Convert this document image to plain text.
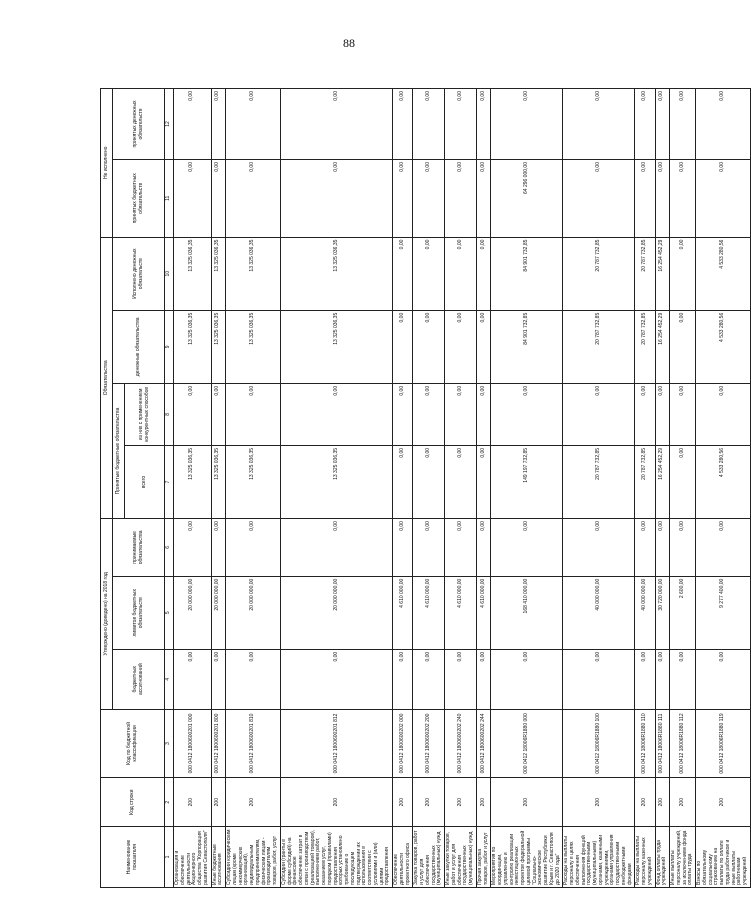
88
Наименование показателя	Код строки	Код по бюджетной классификации	Утверждено (доведено) на 2018 год			Обязательства				Не исполнено	
			бюджетных ассигнований	лимитов бюджетных обязательств	принимаемые обязательства	Принятые бюджетные обязательства		денежные обязательства	Исполнено денежных обязательств	принятых бюджетных обязательств	принятых денежных обязательств
						всего	из них с применением конкурентных способов				
1	2	3	4	5	6	7	8	9	10	11	12
Организация и обеспечение деятельности Акционерного общества "Корпорация развития Севастополя"	200	000 0412 1800600201 000	0,00	20 000 000,00	0,00	13 325 036,35	0,00	13 325 036,35	13 325 036,35	0,00	0,00
Иные бюджетные ассигнования	200	000 0412 1800600201 800	0,00	20 000 000,00	0,00	13 325 036,35	0,00	13 325 036,35	13 325 036,35	0,00	0,00
Субсидии юридическим лицам (кроме некоммерческих организаций), индивидуальным предпринимателям, физическим лицам - производителям товаров, работ, услуг	200	000 0412 1800600201 810	0,00	20 000 000,00	0,00	13 325 036,35	0,00	13 325 036,35	13 325 036,35	0,00	0,00
Субсидии (гранты в форме субсидий) на финансовое обеспечение затрат в связи с производством (реализацией товаров), выполнением работ, оказанием услуг, порядком (правилами) предоставления которых установлено требование о последующем подтверждении их использования в соответствии с условиями и (или) целями предоставления	200	000 0412 1800600201 812	0,00	20 000 000,00	0,00	13 325 036,35	0,00	13 325 036,35	13 325 036,35	0,00	0,00
Обеспечение деятельности проектного офиса	200	000 0412 1800600202 000	0,00	4 610 000,00	0,00	0,00	0,00	0,00	0,00	0,00	0,00
Закупка товаров, работ и услуг для обеспечения государственных (муниципальных) нужд	200	000 0412 1800600202 200	0,00	4 610 000,00	0,00	0,00	0,00	0,00	0,00	0,00	0,00
Иные закупки товаров, работ и услуг для обеспечения государственных (муниципальных) нужд	200	000 0412 1800600202 240	0,00	4 610 000,00	0,00	0,00	0,00	0,00	0,00	0,00	0,00
Прочая закупка товаров, работ и услуг	200	000 0412 1800600202 244	0,00	4 610 000,00	0,00	0,00	0,00	0,00	0,00	0,00	0,00
Мероприятия по координации, управлению и контролю реализации инвестиционных проектов федеральной целевой программы "Социально-экономическое развитие Республики Крым и г. Севастополя до 2020 года"	200	000 0412 18006R1880 000	0,00	168 410 000,00	0,00	149 197 732,85	0,00	84 901 732,85	84 901 732,85	64 296 000,00	0,00
Расходы на выплаты персоналу в целях обеспечения выполнения функций государственными (муниципальными) органами, казенными учреждениями, органами управления государственными внебюджетными фондами	200	000 0412 18006R1880 100	0,00	40 000 000,00	0,00	20 787 732,85	0,00	20 787 732,85	20 787 732,85	0,00	0,00
Расходы на выплаты персоналу казенных учреждений	200	000 0412 18006R1880 110	0,00	40 000 000,00	0,00	20 787 732,85	0,00	20 787 732,85	20 787 732,85	0,00	0,00
Фонд оплаты труда учреждений	200	000 0412 18006R1880 111	0,00	30 720 000,00	0,00	16 254 452,29	0,00	16 254 452,29	16 254 452,29	0,00	0,00
Иные выплаты персоналу учреждений, за исключением фонда оплаты труда	200	000 0412 18006R1880 112	0,00	2 600,00	0,00	0,00	0,00	0,00	0,00	0,00	0,00
Взносы по обязательному социальному страхованию на выплаты по оплате труда работников и иные выплаты работникам учреждений	200	000 0412 18006R1880 119	0,00	9 277 400,00	0,00	4 533 280,56	0,00	4 533 280,56	4 533 280,56	0,00	0,00
